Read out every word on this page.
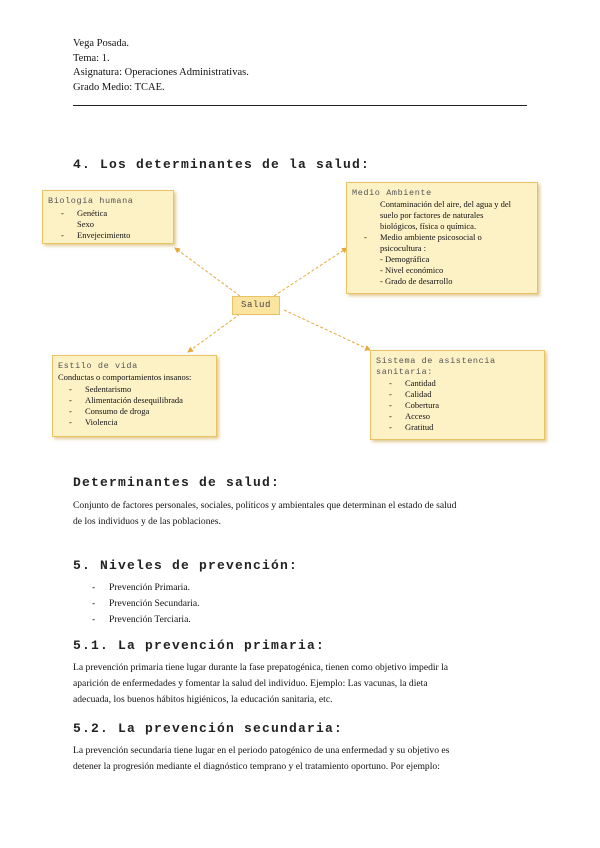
Vega Posada.
Tema: 1.
Asignatura: Operaciones Administrativas.
Grado Medio: TCAE.
4. Los determinantes de la salud:
Biología humana
- Genética
Sexo
- Envejecimiento
Medio Ambiente
Contaminación del aire, del agua y del
suelo por factores de naturales
biológicos, física o química.
- Medio ambiente psicosocial o
psicocultura :
- Demográfica
- Nivel económico
- Grado de desarrollo
Salud
Estilo de vida
Conductas o comportamientos insanos:
- Sedentarismo
- Alimentación desequilibrada
- Consumo de droga
- Violencia
Sistema de asistencia
sanitaria:
- Cantidad
- Calidad
- Cobertura
- Acceso
- Gratitud
Determinantes de salud:

Conjunto de factores personales, sociales, políticos y ambientales que determinan el estado de salud

de los individuos y de las poblaciones.

5. Niveles de prevención:
- Prevención Primaria.
- Prevención Secundaria.
- Prevención Terciaria.
5.1. La prevención primaria:

La prevención primaria tiene lugar durante la fase prepatogénica, tienen como objetivo impedir la

aparición de enfermedades y fomentar la salud del individuo. Ejemplo: Las vacunas, la dieta

adecuada, los buenos hábitos higiénicos, la educación sanitaria, etc.

5.2. La prevención secundaria:

La prevención secundaria tiene lugar en el periodo patogénico de una enfermedad y su objetivo es

detener la progresión mediante el diagnóstico temprano y el tratamiento oportuno. Por ejemplo:
